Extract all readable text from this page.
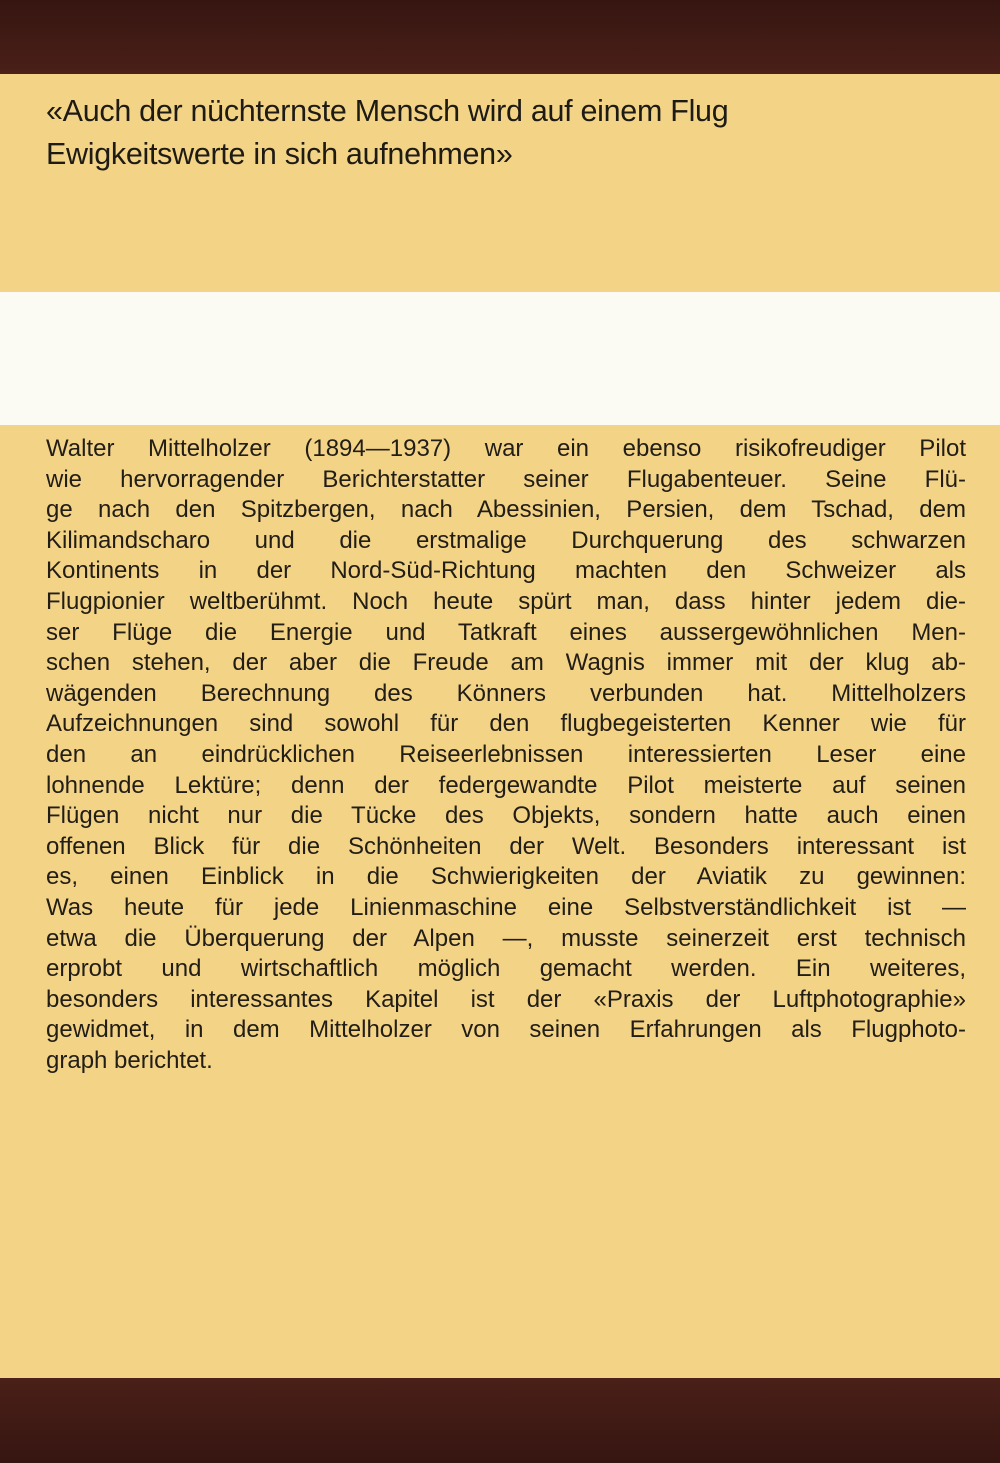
«Auch der nüchternste Mensch wird auf einem Flug
Ewigkeitswerte in sich aufnehmen»

Walter Mittelholzer (1894—1937) war ein ebenso risikofreudiger Pilot
wie hervorragender Berichterstatter seiner Flugabenteuer. Seine Flü-
ge nach den Spitzbergen, nach Abessinien, Persien, dem Tschad, dem
Kilimandscharo und die erstmalige Durchquerung des schwarzen
Kontinents in der Nord-Süd-Richtung machten den Schweizer als
Flugpionier weltberühmt. Noch heute spürt man, dass hinter jedem die-
ser Flüge die Energie und Tatkraft eines aussergewöhnlichen Men-
schen stehen, der aber die Freude am Wagnis immer mit der klug ab-
wägenden Berechnung des Könners verbunden hat. Mittelholzers
Aufzeichnungen sind sowohl für den flugbegeisterten Kenner wie für
den an eindrücklichen Reiseerlebnissen interessierten Leser eine
lohnende Lektüre; denn der federgewandte Pilot meisterte auf seinen
Flügen nicht nur die Tücke des Objekts, sondern hatte auch einen
offenen Blick für die Schönheiten der Welt. Besonders interessant ist
es, einen Einblick in die Schwierigkeiten der Aviatik zu gewinnen:
Was heute für jede Linienmaschine eine Selbstverständlichkeit ist —
etwa die Überquerung der Alpen —, musste seinerzeit erst technisch
erprobt und wirtschaftlich möglich gemacht werden. Ein weiteres,
besonders interessantes Kapitel ist der «Praxis der Luftphotographie»
gewidmet, in dem Mittelholzer von seinen Erfahrungen als Flugphoto-
graph berichtet.
